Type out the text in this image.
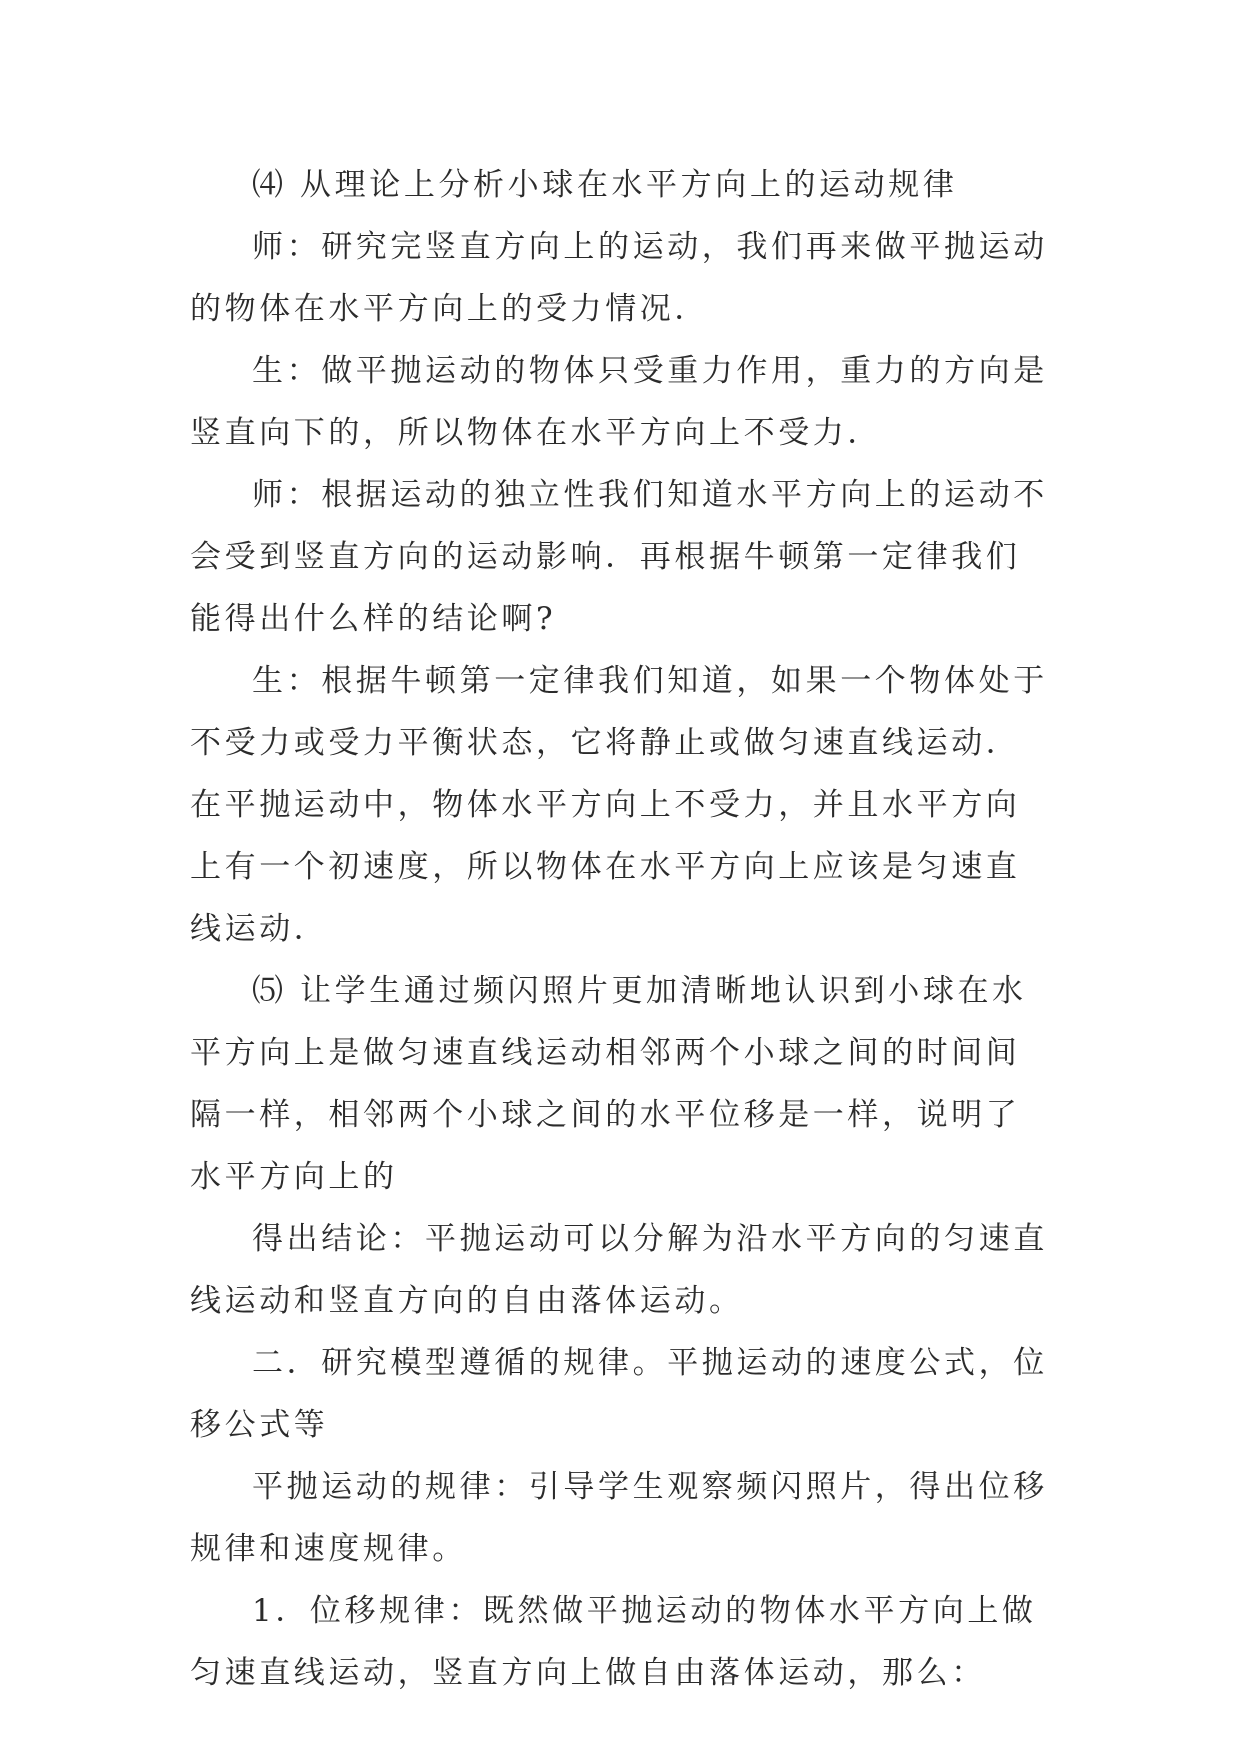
⑷ 从理论上分析小球在水平方向上的运动规律

师：研究完竖直方向上的运动，我们再来做平抛运动的物体在水平方向上的受力情况．

生：做平抛运动的物体只受重力作用，重力的方向是竖直向下的，所以物体在水平方向上不受力．

师：根据运动的独立性我们知道水平方向上的运动不会受到竖直方向的运动影响．再根据牛顿第一定律我们能得出什么样的结论啊?

生：根据牛顿第一定律我们知道，如果一个物体处于不受力或受力平衡状态，它将静止或做匀速直线运动．在平抛运动中，物体水平方向上不受力，并且水平方向上有一个初速度，所以物体在水平方向上应该是匀速直线运动．

⑸ 让学生通过频闪照片更加清晰地认识到小球在水平方向上是做匀速直线运动相邻两个小球之间的时间间隔一样，相邻两个小球之间的水平位移是一样，说明了水平方向上的

得出结论：平抛运动可以分解为沿水平方向的匀速直线运动和竖直方向的自由落体运动。

二．研究模型遵循的规律。平抛运动的速度公式，位移公式等

平抛运动的规律：引导学生观察频闪照片，得出位移规律和速度规律。

1．位移规律：既然做平抛运动的物体水平方向上做匀速直线运动，竖直方向上做自由落体运动，那么：
